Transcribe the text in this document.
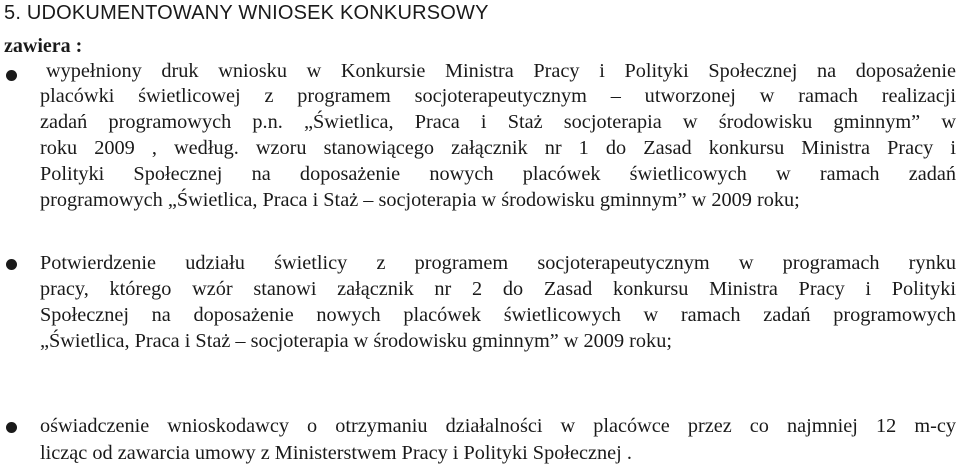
5. UDOKUMENTOWANY WNIOSEK KONKURSOWY
zawiera :
wypełniony druk wniosku w Konkursie Ministra Pracy i Polityki Społecznej na doposażenie
placówki świetlicowej z programem socjoterapeutycznym – utworzonej w ramach realizacji
zadań programowych p.n. „Świetlica, Praca i Staż socjoterapia w środowisku gminnym” w
roku 2009 , według. wzoru stanowiącego załącznik nr 1 do Zasad konkursu Ministra Pracy i
Polityki Społecznej na doposażenie nowych placówek świetlicowych w ramach zadań
programowych „Świetlica, Praca i Staż – socjoterapia w środowisku gminnym” w 2009 roku;
Potwierdzenie udziału świetlicy z programem socjoterapeutycznym w programach rynku
pracy, którego wzór stanowi załącznik nr 2 do Zasad konkursu Ministra Pracy i Polityki
Społecznej na doposażenie nowych placówek świetlicowych w ramach zadań programowych
„Świetlica, Praca i Staż – socjoterapia w środowisku gminnym” w 2009 roku;
oświadczenie wnioskodawcy o otrzymaniu działalności w placówce przez co najmniej 12 m-cy
licząc od zawarcia umowy z Ministerstwem Pracy i Polityki Społecznej .
